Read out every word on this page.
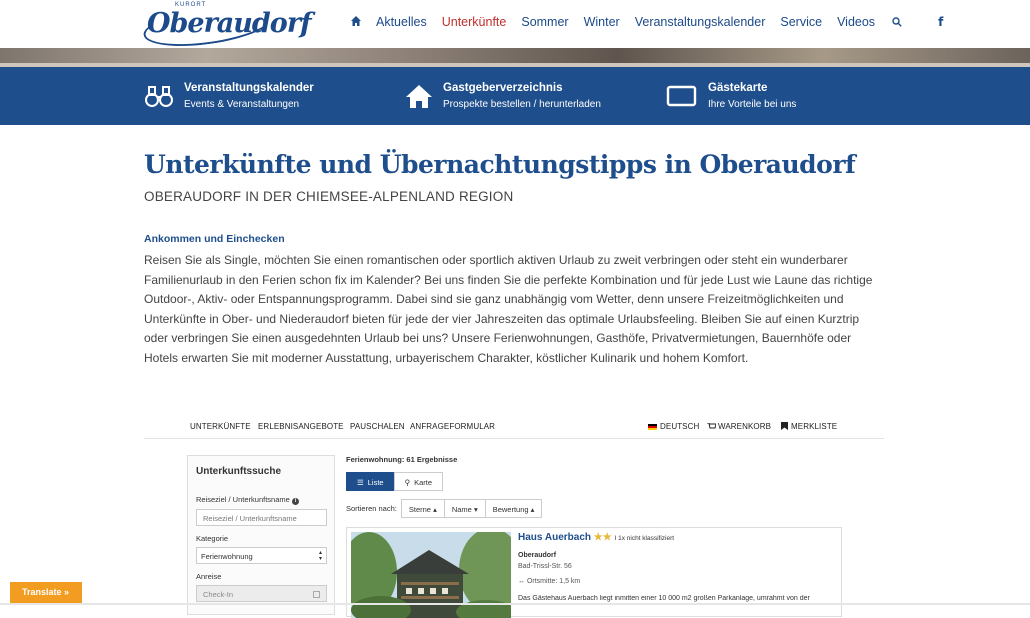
KURORT
Oberaudorf	Aktuelles Unterkünfte Sommer Winter Veranstaltungskalender Service Videos	f
Veranstaltungskalender
Events & Veranstaltungen
Gastgeberverzeichnis
Prospekte bestellen / herunterladen
Gästekarte
Ihre Vorteile bei uns
Unterkünfte und Übernachtungstipps in Oberaudorf
OBERAUDORF IN DER CHIEMSEE-ALPENLAND REGION
Ankommen und Einchecken

Reisen Sie als Single, möchten Sie einen romantischen oder sportlich aktiven Urlaub zu zweit verbringen oder steht ein wunderbarer Familienurlaub in den Ferien schon fix im Kalender? Bei uns finden Sie die perfekte Kombination und für jede Lust wie Laune das richtige Outdoor-, Aktiv- oder Entspannungsprogramm. Dabei sind sie ganz unabhängig vom Wetter, denn unsere Freizeitmöglichkeiten und Unterkünfte in Ober- und Niederaudorf bieten für jede der vier Jahreszeiten das optimale Urlaubsfeeling. Bleiben Sie auf einen Kurztrip oder verbringen Sie einen ausgedehnten Urlaub bei uns? Unsere Ferienwohnungen, Gasthöfe, Privatvermietungen, Bauernhöfe oder Hotels erwarten Sie mit moderner Ausstattung, urbayerischem Charakter, köstlicher Kulinarik und hohem Komfort.

UNTERKÜNFTE ERLEBNISANGEBOTE PAUSCHALEN ANFRAGEFORMULAR	DEUTSCH	WARENKORB	MERKLISTE
Unterkunftssuche
Reiseziel / Unterkunftsname i
Reiseziel / Unterkunftsname
Kategorie
Ferienwohnung	▴
▾
Anreise
Check-In
Ferienwohnung: 61 Ergebnisse
☰ Liste	⚲ Karte
Sortieren nach:	Sterne ▴	Name ▾	Bewertung ▴
Haus Auerbach ★★ I 1x nicht klassifiziert
Oberaudorf
Bad-Trissl-Str. 56
↔ Ortsmitte: 1,5 km
Das Gästehaus Auerbach liegt inmitten einer 10 000 m2 großen Parkanlage, umrahmt von der
Translate »
